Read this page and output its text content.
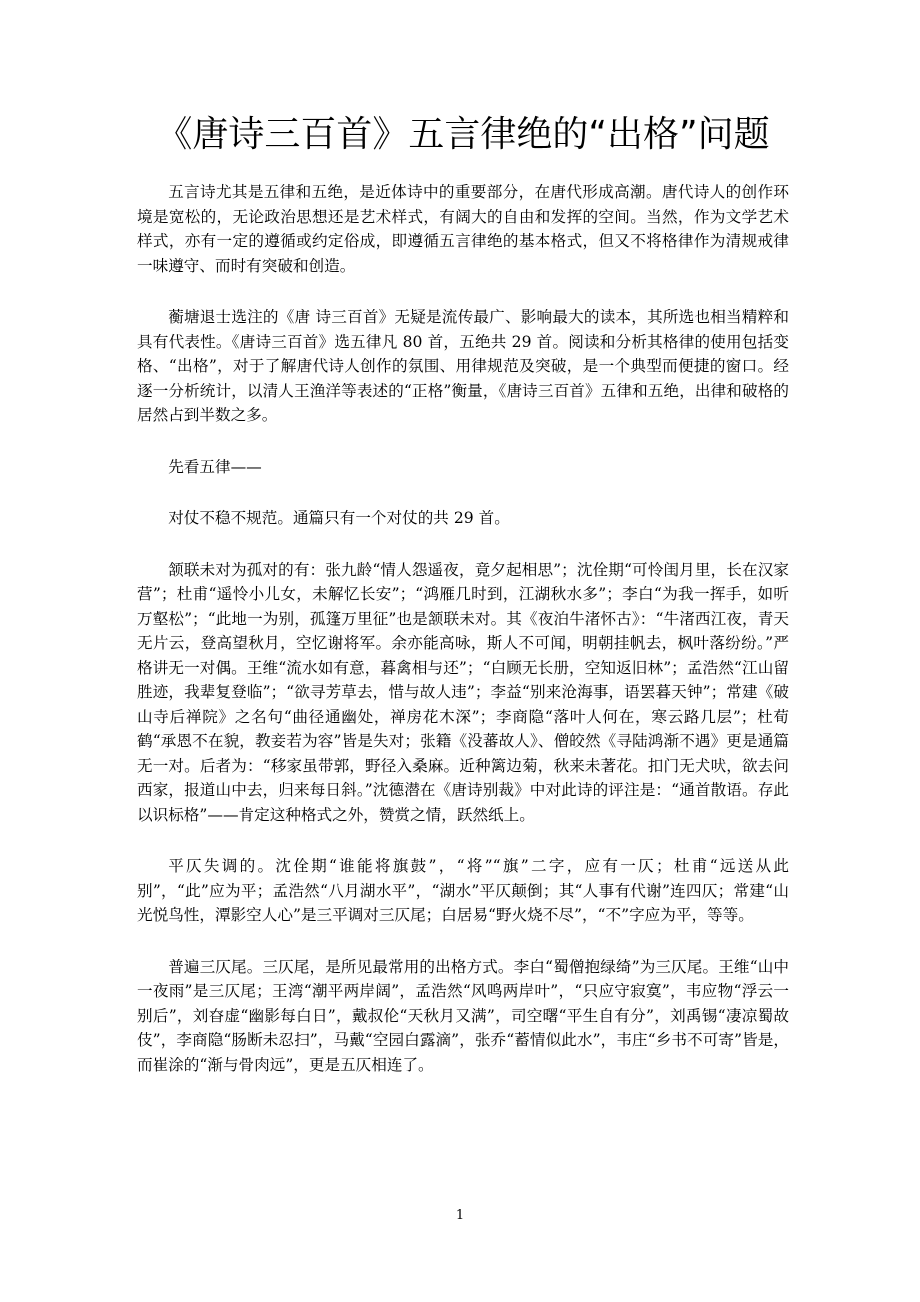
《唐诗三百首》五言律绝的“出格”问题

五言诗尤其是五律和五绝，是近体诗中的重要部分，在唐代形成高潮。唐代诗人的创作环境是宽松的，无论政治思想还是艺术样式，有阔大的自由和发挥的空间。当然，作为文学艺术样式，亦有一定的遵循或约定俗成，即遵循五言律绝的基本格式，但又不将格律作为清规戒律一味遵守、而时有突破和创造。

蘅塘退士选注的《唐 诗三百首》无疑是流传最广、影响最大的读本，其所选也相当精粹和具有代表性。《唐诗三百首》选五律凡 80 首，五绝共 29 首。阅读和分析其格律的使用包括变格、“出格”，对于了解唐代诗人创作的氛围、用律规范及突破，是一个典型而便捷的窗口。经逐一分析统计，以清人王渔洋等表述的“正格”衡量，《唐诗三百首》五律和五绝，出律和破格的居然占到半数之多。

先看五律——

对仗不稳不规范。通篇只有一个对仗的共 29 首。

颔联未对为孤对的有：张九龄“情人怨遥夜，竟夕起相思”；沈佺期“可怜闺月里，长在汉家营”；杜甫“遥怜小儿女，未解忆长安”；“鸿雁几时到，江湖秋水多”；李白“为我一挥手，如听万壑松”；“此地一为别，孤篷万里征”也是颔联未对。其《夜泊牛渚怀古》：“牛渚西江夜，青天无片云，登高望秋月，空忆谢将军。余亦能高咏，斯人不可闻，明朝挂帆去，枫叶落纷纷。”严格讲无一对偶。王维“流水如有意，暮禽相与还”；“白顾无长册，空知返旧林”；孟浩然“江山留胜迹，我辈复登临”；“欲寻芳草去，惜与故人违”；李益“别来沧海事，语罢暮天钟”；常建《破山寺后禅院》之名句“曲径通幽处，禅房花木深”；李商隐“落叶人何在，寒云路几层”；杜荀鹤“承恩不在貌，教妾若为容”皆是失对；张籍《没蕃故人》、僧皎然《寻陆鸿渐不遇》更是通篇无一对。后者为：“移家虽带郭，野径入桑麻。近种篱边菊，秋来未著花。扣门无犬吠，欲去问西家，报道山中去，归来每日斜。”沈德潜在《唐诗别裁》中对此诗的评注是：“通首散语。存此以识标格”——肯定这种格式之外，赞赏之情，跃然纸上。

平仄失调的。沈佺期“谁能将旗鼓”，“将”“旗”二字，应有一仄；杜甫“远送从此别”，“此”应为平；孟浩然“八月湖水平”，“湖水”平仄颠倒；其“人事有代谢”连四仄；常建“山光悦鸟性，潭影空人心”是三平调对三仄尾；白居易“野火烧不尽”，“不”字应为平，等等。

普遍三仄尾。三仄尾，是所见最常用的出格方式。李白“蜀僧抱绿绮”为三仄尾。王维“山中一夜雨”是三仄尾；王湾“潮平两岸阔”，孟浩然“风鸣两岸叶”，“只应守寂寞”，韦应物“浮云一别后”，刘昚虚“幽影每白日”，戴叔伦“天秋月又满”，司空曙“平生自有分”，刘禹锡“凄凉蜀故伎”，李商隐“肠断未忍扫”，马戴“空园白露滴”，张乔“蓄情似此水”，韦庄“乡书不可寄”皆是，而崔涂的“渐与骨肉远”，更是五仄相连了。

1
